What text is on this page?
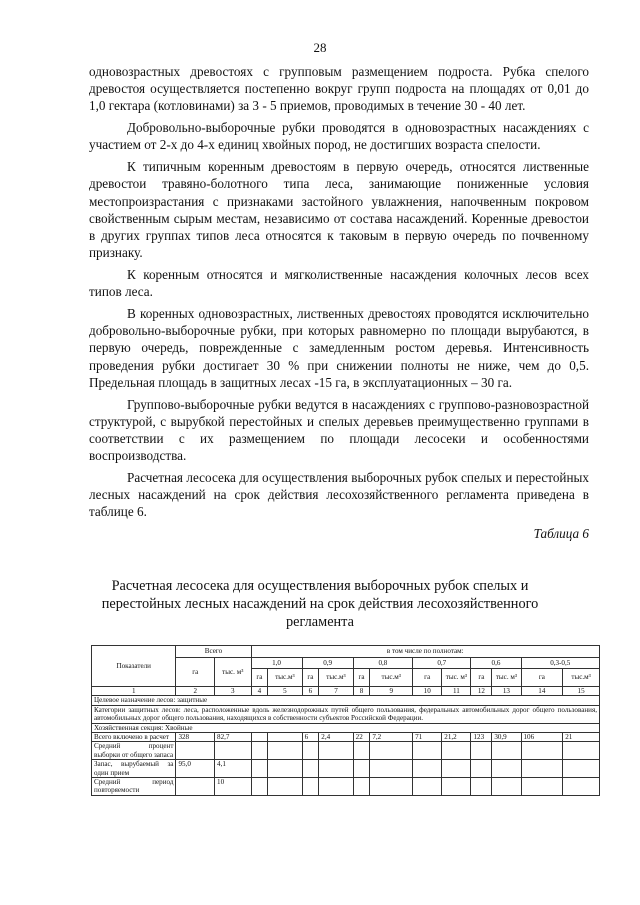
28

одновозрастных древостоях с групповым размещением подроста. Рубка спелого древостоя осуществляется постепенно вокруг групп подроста на площадях от 0,01 до 1,0 гектара (котловинами) за 3 - 5 приемов, проводимых в течение 30 - 40 лет.

Добровольно-выборочные рубки проводятся в одновозрастных насаждениях с участием от 2-х до 4-х единиц хвойных пород, не достигших возраста спелости.

К типичным коренным древостоям в первую очередь, относятся лиственные древостои травяно-болотного типа леса, занимающие пониженные условия местопроизрастания с признаками застойного увлажнения, напочвенным покровом свойственным сырым местам, независимо от состава насаждений. Коренные древостои в других группах типов леса относятся к таковым в первую очередь по почвенному признаку.

К коренным относятся и мягколиственные насаждения колочных лесов всех типов леса.

В коренных одновозрастных, лиственных древостоях проводятся исключительно добровольно-выборочные рубки, при которых равномерно по площади вырубаются, в первую очередь, поврежденные с замедленным ростом деревья. Интенсивность проведения рубки достигает 30 % при снижении полноты не ниже, чем до 0,5. Предельная площадь в защитных лесах -15 га, в эксплуатационных – 30 га.

Группово-выборочные рубки ведутся в насаждениях с группово-разновозрастной структурой, с вырубкой перестойных и спелых деревьев преимущественно группами в соответствии с их размещением по площади лесосеки и особенностями воспроизводства.

Расчетная лесосека для осуществления выборочных рубок спелых и перестойных лесных насаждений на срок действия лесохозяйственного регламента приведена в таблице 6.

Таблица 6
Расчетная лесосека для осуществления выборочных рубок спелых и перестойных лесных насаждений на срок действия лесохозяйственного регламента
Показатели	Всего		в том числе по полнотам:											
	га	тыс. м³	1,0		0,9		0,8		0,7		0,6		0,3-0,5	
			га	тыс.м³	га	тыс.м³	га	тыс.м³	га	тыс. м³	га	тыс. м³	га	тыс.м³
1	2	3	4	5	6	7	8	9	10	11	12	13	14	15
Целевое назначение лесов: защитные														
Категории защитных лесов: леса, расположенные вдоль железнодорожных путей общего пользования, федеральных автомобильных дорог общего пользования, автомобильных дорог общего пользования, находящихся в собственности субъектов Российской Федерации.														
Хозяйственная секция: Хвойные														
Всего включено в расчет	328	82,7			6	2,4	22	7,2	71	21,2	123	30,9	106	21
Средний процент выборки от общего запаса														
Запас, вырубаемый за один прием	95,0	4,1												
Средний период повторяемости		10												
